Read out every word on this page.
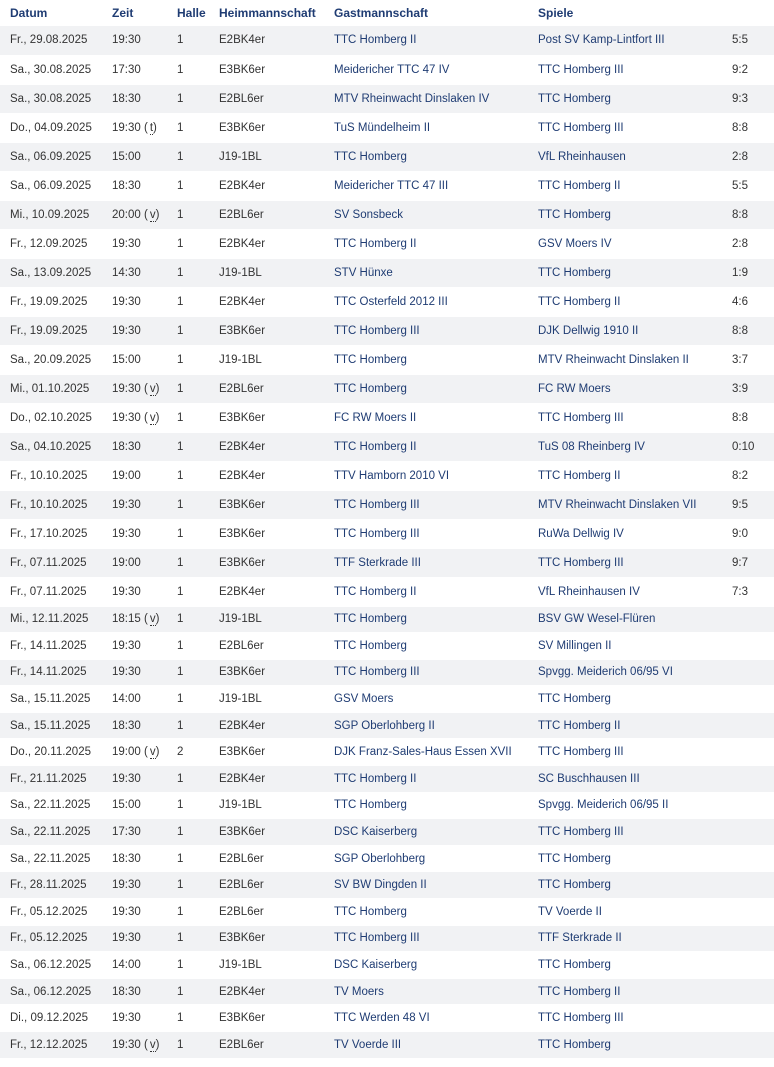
Datum	Zeit	Halle	Heimmannschaft	Gastmannschaft	Spiele	
Fr., 29.08.2025	19:30	1	E2BK4er	TTC Homberg II	Post SV Kamp-Lintfort III	5:5
Sa., 30.08.2025	17:30	1	E3BK6er	Meidericher TTC 47 IV	TTC Homberg III	9:2
Sa., 30.08.2025	18:30	1	E2BL6er	MTV Rheinwacht Dinslaken IV	TTC Homberg	9:3
Do., 04.09.2025	19:30 ( t)	1	E3BK6er	TuS Mündelheim II	TTC Homberg III	8:8
Sa., 06.09.2025	15:00	1	J19-1BL	TTC Homberg	VfL Rheinhausen	2:8
Sa., 06.09.2025	18:30	1	E2BK4er	Meidericher TTC 47 III	TTC Homberg II	5:5
Mi., 10.09.2025	20:00 ( v)	1	E2BL6er	SV Sonsbeck	TTC Homberg	8:8
Fr., 12.09.2025	19:30	1	E2BK4er	TTC Homberg II	GSV Moers IV	2:8
Sa., 13.09.2025	14:30	1	J19-1BL	STV Hünxe	TTC Homberg	1:9
Fr., 19.09.2025	19:30	1	E2BK4er	TTC Osterfeld 2012 III	TTC Homberg II	4:6
Fr., 19.09.2025	19:30	1	E3BK6er	TTC Homberg III	DJK Dellwig 1910 II	8:8
Sa., 20.09.2025	15:00	1	J19-1BL	TTC Homberg	MTV Rheinwacht Dinslaken II	3:7
Mi., 01.10.2025	19:30 ( v)	1	E2BL6er	TTC Homberg	FC RW Moers	3:9
Do., 02.10.2025	19:30 ( v)	1	E3BK6er	FC RW Moers II	TTC Homberg III	8:8
Sa., 04.10.2025	18:30	1	E2BK4er	TTC Homberg II	TuS 08 Rheinberg IV	0:10
Fr., 10.10.2025	19:00	1	E2BK4er	TTV Hamborn 2010 VI	TTC Homberg II	8:2
Fr., 10.10.2025	19:30	1	E3BK6er	TTC Homberg III	MTV Rheinwacht Dinslaken VII	9:5
Fr., 17.10.2025	19:30	1	E3BK6er	TTC Homberg III	RuWa Dellwig IV	9:0
Fr., 07.11.2025	19:00	1	E3BK6er	TTF Sterkrade III	TTC Homberg III	9:7
Fr., 07.11.2025	19:30	1	E2BK4er	TTC Homberg II	VfL Rheinhausen IV	7:3
Mi., 12.11.2025	18:15 ( v)	1	J19-1BL	TTC Homberg	BSV GW Wesel-Flüren	
Fr., 14.11.2025	19:30	1	E2BL6er	TTC Homberg	SV Millingen II	
Fr., 14.11.2025	19:30	1	E3BK6er	TTC Homberg III	Spvgg. Meiderich 06/95 VI	
Sa., 15.11.2025	14:00	1	J19-1BL	GSV Moers	TTC Homberg	
Sa., 15.11.2025	18:30	1	E2BK4er	SGP Oberlohberg II	TTC Homberg II	
Do., 20.11.2025	19:00 ( v)	2	E3BK6er	DJK Franz-Sales-Haus Essen XVII	TTC Homberg III	
Fr., 21.11.2025	19:30	1	E2BK4er	TTC Homberg II	SC Buschhausen III	
Sa., 22.11.2025	15:00	1	J19-1BL	TTC Homberg	Spvgg. Meiderich 06/95 II	
Sa., 22.11.2025	17:30	1	E3BK6er	DSC Kaiserberg	TTC Homberg III	
Sa., 22.11.2025	18:30	1	E2BL6er	SGP Oberlohberg	TTC Homberg	
Fr., 28.11.2025	19:30	1	E2BL6er	SV BW Dingden II	TTC Homberg	
Fr., 05.12.2025	19:30	1	E2BL6er	TTC Homberg	TV Voerde II	
Fr., 05.12.2025	19:30	1	E3BK6er	TTC Homberg III	TTF Sterkrade II	
Sa., 06.12.2025	14:00	1	J19-1BL	DSC Kaiserberg	TTC Homberg	
Sa., 06.12.2025	18:30	1	E2BK4er	TV Moers	TTC Homberg II	
Di., 09.12.2025	19:30	1	E3BK6er	TTC Werden 48 VI	TTC Homberg III	
Fr., 12.12.2025	19:30 ( v)	1	E2BL6er	TV Voerde III	TTC Homberg	
